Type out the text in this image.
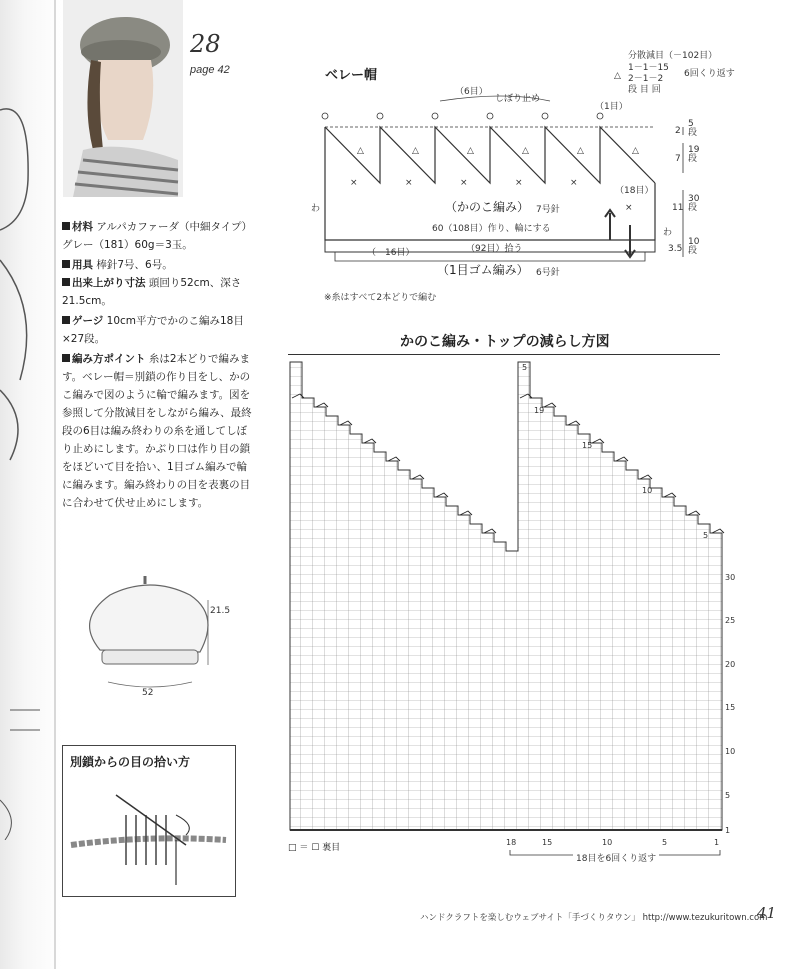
28
page 42
材料 アルパカファーダ（中細タイプ）グレー（181）60g＝3玉。
用具 棒針7号、6号。
出来上がり寸法 頭回り52cm、深さ21.5cm。
ゲージ 10cm平方でかのこ編み18目×27段。
編み方ポイント 糸は2本どりで編みます。ベレー帽＝別鎖の作り目をし、かのこ編みで図のように輪で編みます。図を参照して分散減目をしながら編み、最終段の6目は編み終わりの糸を通してしぼり止めにします。かぶり口は作り目の鎖をほどいて目を拾い、1目ゴム編みで輪に編みます。編み終わりの目を表裏の目に合わせて伏せ止めにします。
21.5
52
別鎖からの目の拾い方
ベレー帽
分散減目（－102目）
1－1－15
△ 2－1－2
段 目 回
6回くり返す
（6目）
しぼり止め
（1目）
（18目）
△	△	△	△	△	△
×	×	×	×	×
×
わ
わ
（かのこ編み） 7号針
60（108目）作り、輪にする
（－16目）	（92目）拾う
（1目ゴム編み） 6号針
※糸はすべて2本どりで編む
2
5段
7
19段
11
30段
3.5
10段
かのこ編み・トップの減らし方図
5
19
15
10
5
1
5
10
15
20
25
30
18	15	10	5	1
18目を6回くり返す
□ ＝ ☐ 裏目
ハンドクラフトを楽しむウェブサイト「手づくりタウン」 http://www.tezukuritown.com
41
